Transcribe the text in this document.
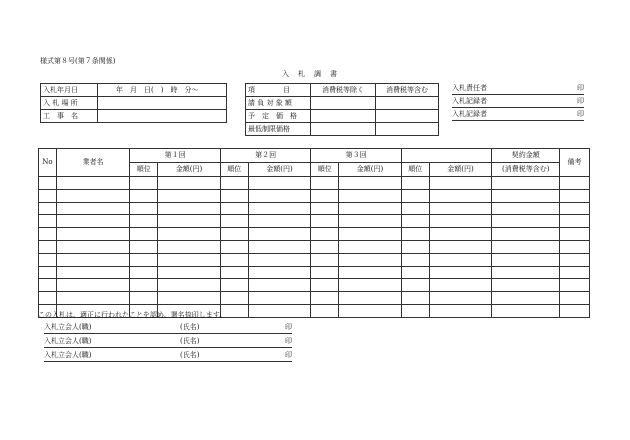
様式第８号(第７条関係)
入　札　調　書
入札年月日	年　月　日(　)　時　分〜
入 札 場 所	
工　事　名	
項　　　　目	消費税等除く	消費税等含む
請 負 対 象 額		
予　定　価　格		
最低制限価格		
入札責任者	印
入札記録者	印
入札記録者	印
No	業者名	第１回		第２回		第３回				契約金額	備考
		順位	金額(円)	順位	金額(円)	順位	金額(円)	順位	金額(円)	(消費税等含む)	

この入札は、適正に行われたことを認め、署名捺印します。
入札立会人(職)	(氏名)	印
入札立会人(職)	(氏名)	印
入札立会人(職)	(氏名)	印
